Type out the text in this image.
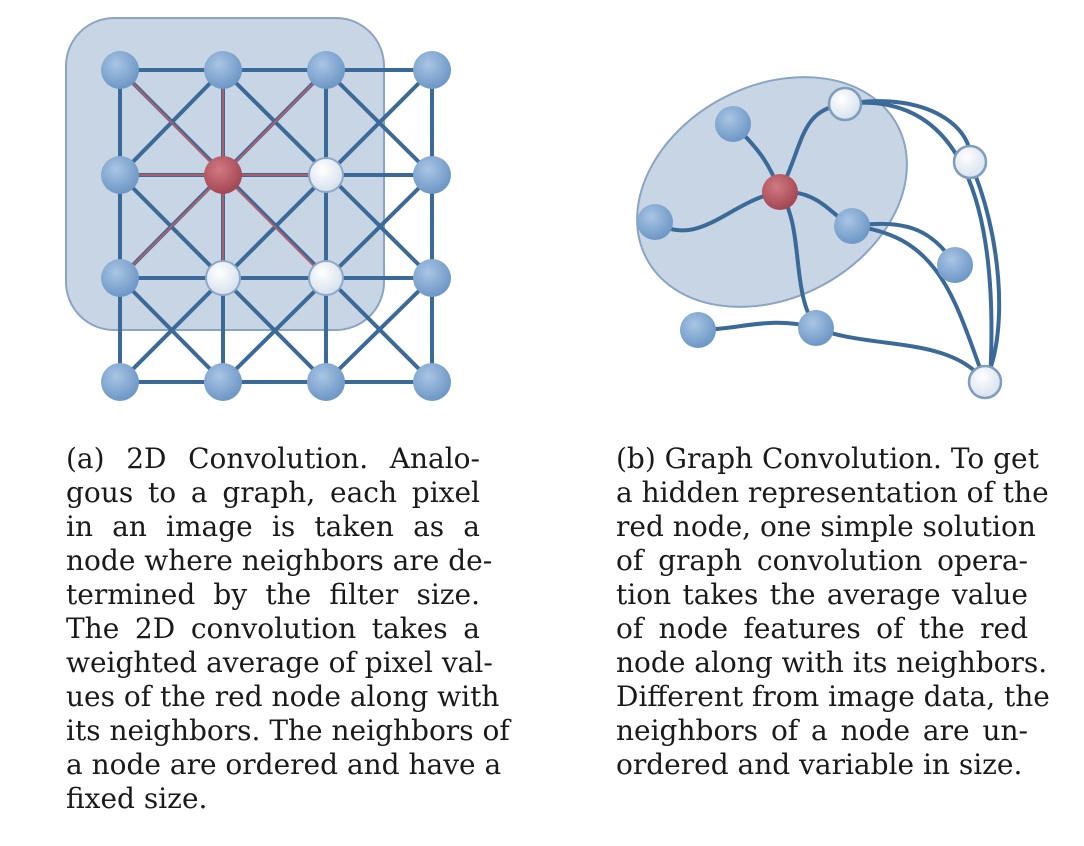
(a) 2D Convolution. Analo-
gous to a graph, each pixel
in an image is taken as a
node where neighbors are de-
termined by the filter size.
The 2D convolution takes a
weighted average of pixel val-
ues of the red node along with
its neighbors. The neighbors of
a node are ordered and have a
fixed size.
(b) Graph Convolution. To get
a hidden representation of the
red node, one simple solution
of graph convolution opera-
tion takes the average value
of node features of the red
node along with its neighbors.
Different from image data, the
neighbors of a node are un-
ordered and variable in size.
